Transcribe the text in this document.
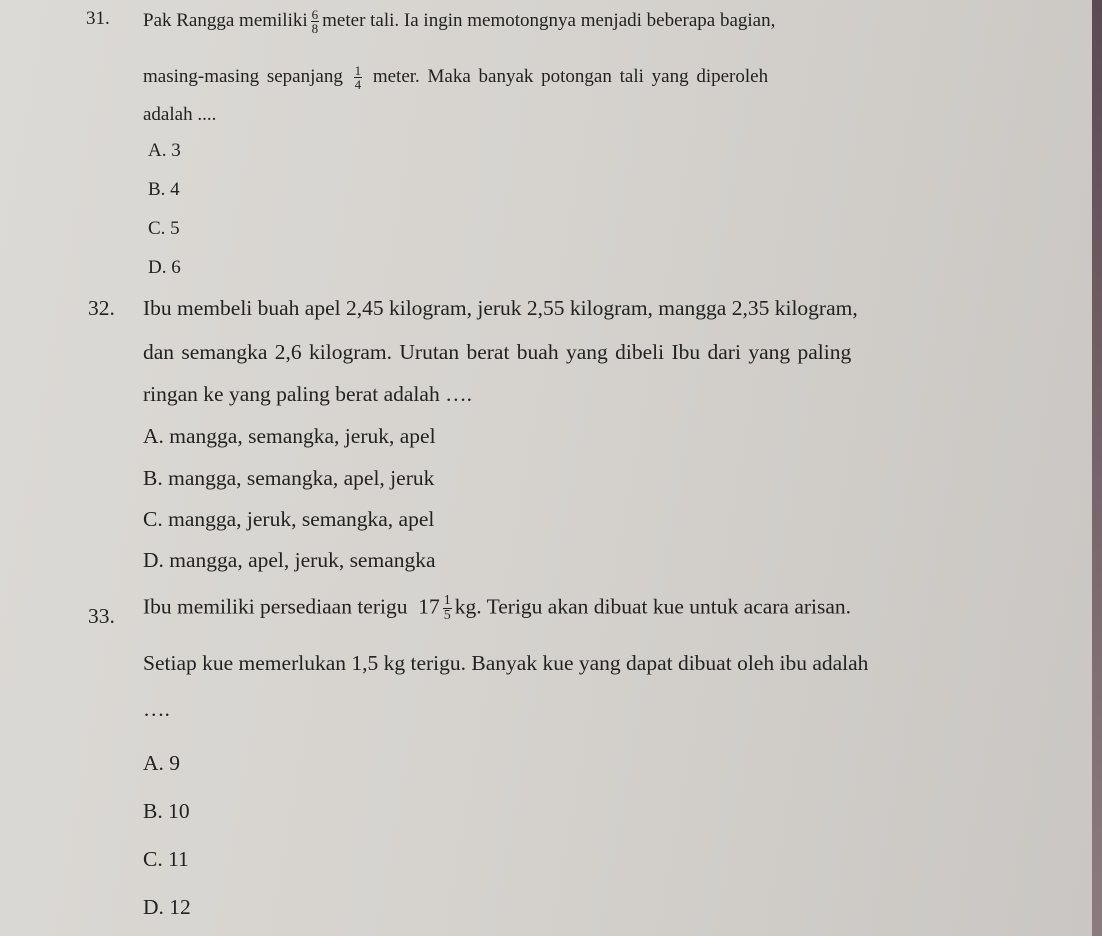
31. Pak Rangga memiliki $\frac{6}{8}$ meter tali. Ia ingin memotongnya menjadi beberapa bagian,
masing-masing sepanjang $\frac{1}{4}$ meter. Maka banyak potongan tali yang diperoleh
adalah ....
A. 3
B. 4
C. 5
D. 6
32. Ibu membeli buah apel 2,45 kilogram, jeruk 2,55 kilogram, mangga 2,35 kilogram,
dan semangka 2,6 kilogram. Urutan berat buah yang dibeli Ibu dari yang paling
ringan ke yang paling berat adalah ….
A. mangga, semangka, jeruk, apel
B. mangga, semangka, apel, jeruk
C. mangga, jeruk, semangka, apel
D. mangga, apel, jeruk, semangka
33. Ibu memiliki persediaan terigu $17 \frac{1}{5}$ kg. Terigu akan dibuat kue untuk acara arisan.
Setiap kue memerlukan 1,5 kg terigu. Banyak kue yang dapat dibuat oleh ibu adalah
….
A. 9
B. 10
C. 11
D. 12
